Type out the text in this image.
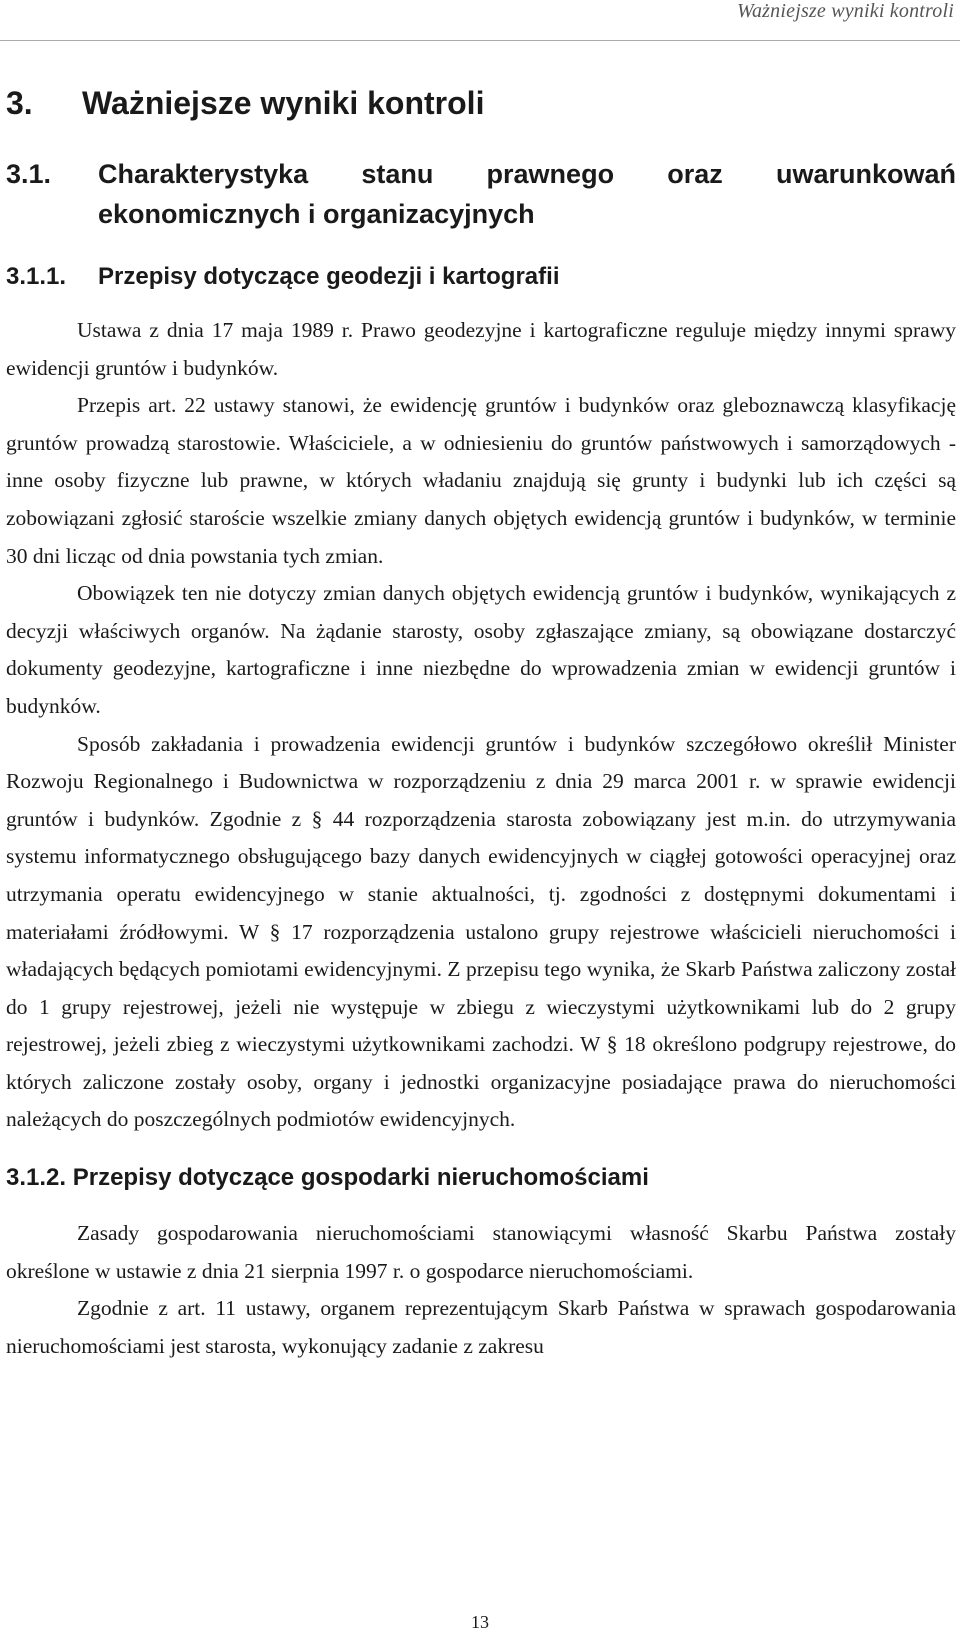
Ważniejsze wyniki kontroli
3.	Ważniejsze wyniki kontroli
3.1.	Charakterystyka stanu prawnego oraz uwarunkowań ekonomicznych i organizacyjnych
3.1.1.	Przepisy dotyczące geodezji i kartografii

Ustawa z dnia 17 maja 1989 r. Prawo geodezyjne i kartograficzne reguluje między innymi sprawy ewidencji gruntów i budynków.

Przepis art. 22 ustawy stanowi, że ewidencję gruntów i budynków oraz gleboznawczą klasyfikację gruntów prowadzą starostowie. Właściciele, a w odniesieniu do gruntów państwowych i samorządowych - inne osoby fizyczne lub prawne, w których władaniu znajdują się grunty i budynki lub ich części są zobowiązani zgłosić staroście wszelkie zmiany danych objętych ewidencją gruntów i budynków, w terminie 30 dni licząc od dnia powstania tych zmian.

Obowiązek ten nie dotyczy zmian danych objętych ewidencją gruntów i budynków, wynikających z decyzji właściwych organów. Na żądanie starosty, osoby zgłaszające zmiany, są obowiązane dostarczyć dokumenty geodezyjne, kartograficzne i inne niezbędne do wprowadzenia zmian w ewidencji gruntów i budynków.

Sposób zakładania i prowadzenia ewidencji gruntów i budynków szczegółowo określił Minister Rozwoju Regionalnego i Budownictwa w rozporządzeniu z dnia 29 marca 2001 r. w sprawie ewidencji gruntów i budynków. Zgodnie z § 44 rozporządzenia starosta zobowiązany jest m.in. do utrzymywania systemu informatycznego obsługującego bazy danych ewidencyjnych w ciągłej gotowości operacyjnej oraz utrzymania operatu ewidencyjnego w stanie aktualności, tj. zgodności z dostępnymi dokumentami i materiałami źródłowymi. W § 17 rozporządzenia ustalono grupy rejestrowe właścicieli nieruchomości i władających będących pomiotami ewidencyjnymi. Z przepisu tego wynika, że Skarb Państwa zaliczony został do 1 grupy rejestrowej, jeżeli nie występuje w zbiegu z wieczystymi użytkownikami lub do 2 grupy rejestrowej, jeżeli zbieg z wieczystymi użytkownikami zachodzi. W § 18 określono podgrupy rejestrowe, do których zaliczone zostały osoby, organy i jednostki organizacyjne posiadające prawa do nieruchomości należących do poszczególnych podmiotów ewidencyjnych.

3.1.2. Przepisy dotyczące gospodarki nieruchomościami

Zasady gospodarowania nieruchomościami stanowiącymi własność Skarbu Państwa zostały określone w ustawie z dnia 21 sierpnia 1997 r. o gospodarce nieruchomościami.

Zgodnie z art. 11 ustawy, organem reprezentującym Skarb Państwa w sprawach gospodarowania nieruchomościami jest starosta, wykonujący zadanie z zakresu

13
